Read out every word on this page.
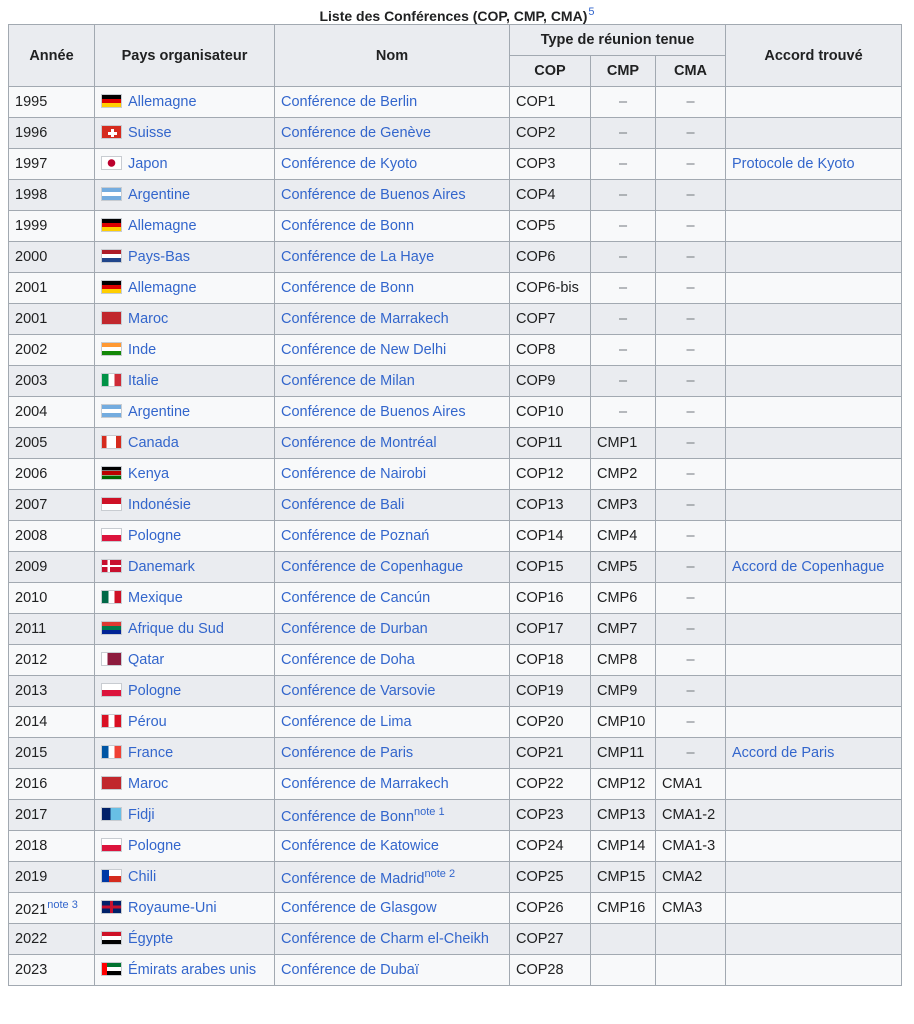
Liste des Conférences (COP, CMP, CMA)$^5$
Année	Pays organisateur	Nom	Type de réunion tenue			Accord trouvé
			COP	CMP	CMA	
1995	Allemagne	Conférence de Berlin	COP1	–	–	
1996	Suisse	Conférence de Genève	COP2	–	–	
1997	Japon	Conférence de Kyoto	COP3	–	–	Protocole de Kyoto
1998	Argentine	Conférence de Buenos Aires	COP4	–	–	
1999	Allemagne	Conférence de Bonn	COP5	–	–	
2000	Pays-Bas	Conférence de La Haye	COP6	–	–	
2001	Allemagne	Conférence de Bonn	COP6-bis	–	–	
2001	Maroc	Conférence de Marrakech	COP7	–	–	
2002	Inde	Conférence de New Delhi	COP8	–	–	
2003	Italie	Conférence de Milan	COP9	–	–	
2004	Argentine	Conférence de Buenos Aires	COP10	–	–	
2005	Canada	Conférence de Montréal	COP11	CMP1	–	
2006	Kenya	Conférence de Nairobi	COP12	CMP2	–	
2007	Indonésie	Conférence de Bali	COP13	CMP3	–	
2008	Pologne	Conférence de Poznań	COP14	CMP4	–	
2009	Danemark	Conférence de Copenhague	COP15	CMP5	–	Accord de Copenhague
2010	Mexique	Conférence de Cancún	COP16	CMP6	–	
2011	Afrique du Sud	Conférence de Durban	COP17	CMP7	–	
2012	Qatar	Conférence de Doha	COP18	CMP8	–	
2013	Pologne	Conférence de Varsovie	COP19	CMP9	–	
2014	Pérou	Conférence de Lima	COP20	CMP10	–	
2015	France	Conférence de Paris	COP21	CMP11	–	Accord de Paris
2016	Maroc	Conférence de Marrakech	COP22	CMP12	CMA1	
2017	Fidji	Conférence de Bonn$^{note 1}$	COP23	CMP13	CMA1-2	
2018	Pologne	Conférence de Katowice	COP24	CMP14	CMA1-3	
2019	Chili	Conférence de Madrid$^{note 2}$	COP25	CMP15	CMA2	
2021$^{note 3}$	Royaume-Uni	Conférence de Glasgow	COP26	CMP16	CMA3	
2022	Égypte	Conférence de Charm el-Cheikh	COP27			
2023	Émirats arabes unis	Conférence de Dubaï	COP28			
